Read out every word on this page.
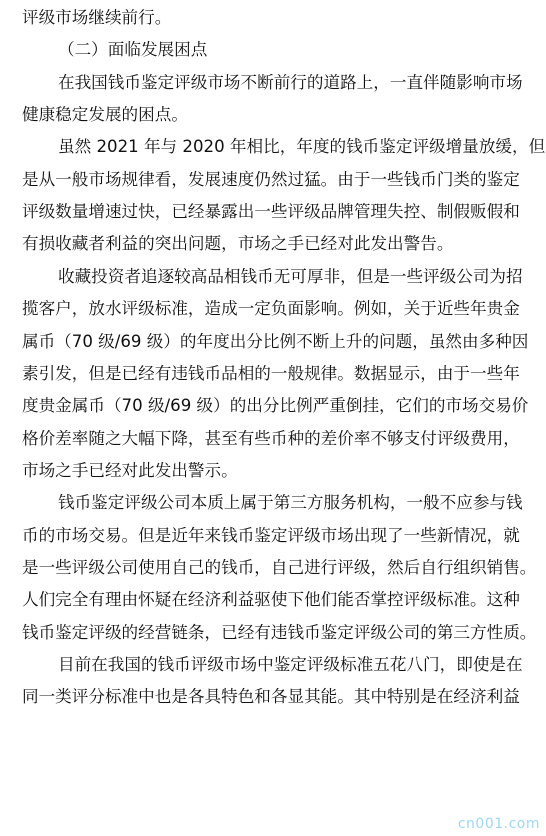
评级市场继续前行。
（二）面临发展困点
在我国钱币鉴定评级市场不断前行的道路上，一直伴随影响市场
健康稳定发展的困点。
虽然 2021 年与 2020 年相比，年度的钱币鉴定评级增量放缓，但
是从一般市场规律看，发展速度仍然过猛。由于一些钱币门类的鉴定
评级数量增速过快，已经暴露出一些评级品牌管理失控、制假贩假和
有损收藏者利益的突出问题，市场之手已经对此发出警告。
收藏投资者追逐较高品相钱币无可厚非，但是一些评级公司为招
揽客户，放水评级标准，造成一定负面影响。例如，关于近些年贵金
属币（70 级/69 级）的年度出分比例不断上升的问题，虽然由多种因
素引发，但是已经有违钱币品相的一般规律。数据显示，由于一些年
度贵金属币（70 级/69 级）的出分比例严重倒挂，它们的市场交易价
格价差率随之大幅下降，甚至有些币种的差价率不够支付评级费用，
市场之手已经对此发出警示。
钱币鉴定评级公司本质上属于第三方服务机构，一般不应参与钱
币的市场交易。但是近年来钱币鉴定评级市场出现了一些新情况，就
是一些评级公司使用自己的钱币，自己进行评级，然后自行组织销售。
人们完全有理由怀疑在经济利益驱使下他们能否掌控评级标准。这种
钱币鉴定评级的经营链条，已经有违钱币鉴定评级公司的第三方性质。
目前在我国的钱币评级市场中鉴定评级标准五花八门，即使是在
同一类评分标准中也是各具特色和各显其能。其中特别是在经济利益
cn001.com
